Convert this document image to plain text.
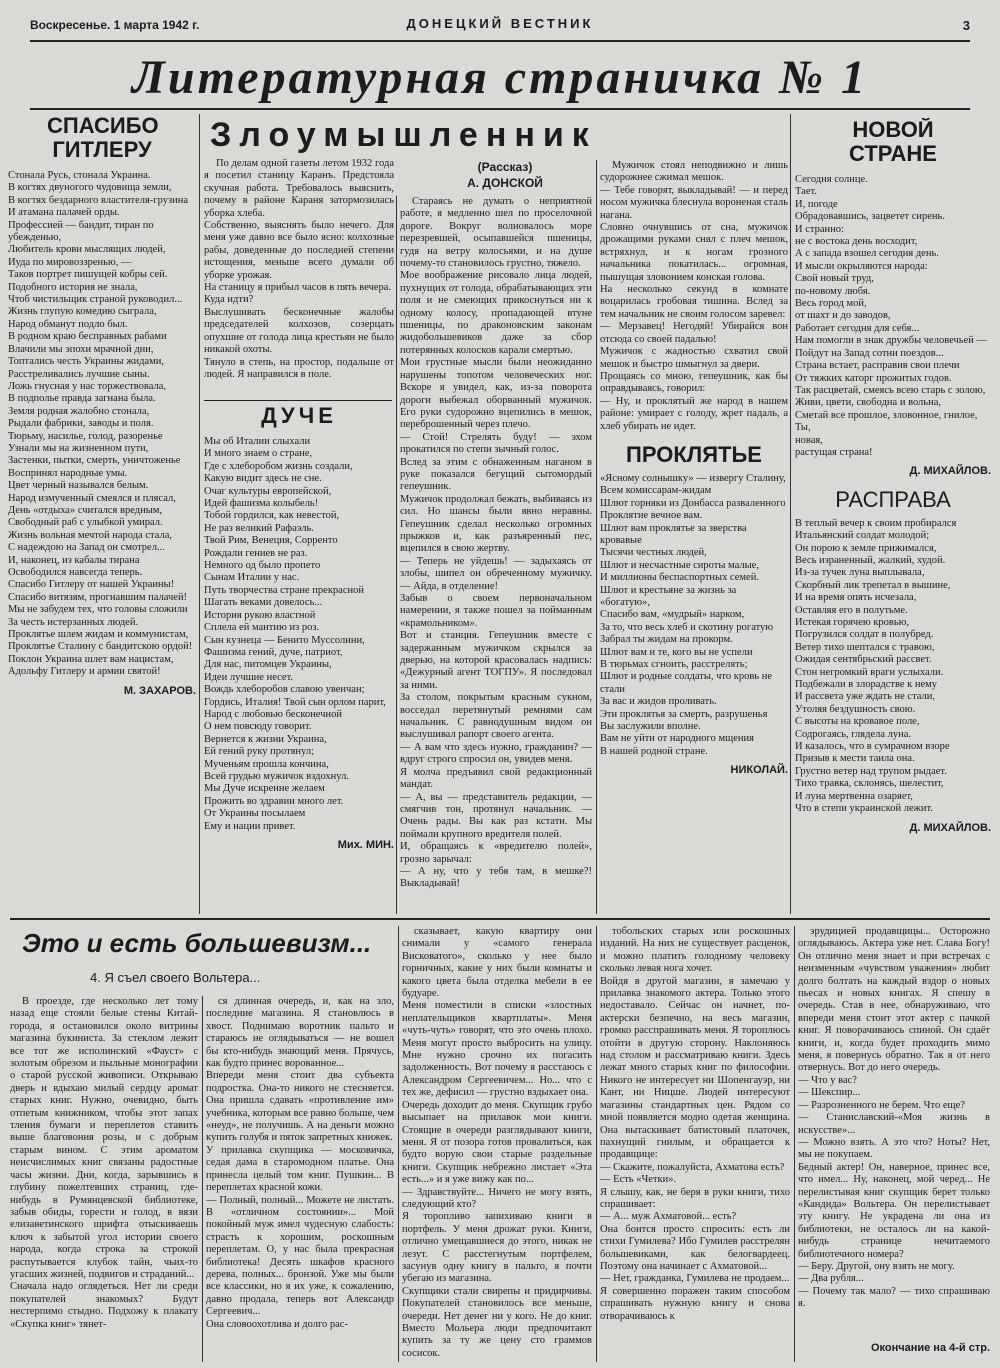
Воскресенье. 1 марта 1942 г.	ДОНЕЦКИЙ ВЕСТНИК	3
Литературная страничка № 1
СПАСИБО ГИТЛЕРУ
Стонала Русь, стонала Украина.
В когтях двуногого чудовища земли,
В когтях бездарного властителя-грузина
И атамана палачей орды.
Профессией — бандит, тиран по убежденью,
Любитель крови мыслящих людей,
Иуда по мировоззренью, —
Таков портрет пишущей кобры сей.
Подобного история не знала,
Чтоб чистильщик страной руководил...
Жизнь глупую комедию сыграла,
Народ обманут подло был.
В родном краю бесправных рабами
Влачили мы эпохи мрачной дни,
Топтались честь Украины жидами,
Расстреливались лучшие сыны.
Ложь гнусная у нас торжествовала,
В подполье правда загнана была.
Земля родная жалобно стонала,
Рыдали фабрики, заводы и поля.
Тюрьму, насилье, голод, разоренье
Узнали мы на жизненном пути,
Застенки, пытки, смерть, уничтоженье
Воспринял народные умы.
Цвет черный назывался белым.
Народ измученный смеялся и плясал,
День «отдыха» считался вредным,
Свободный раб с улыбкой умирал.
Жизнь вольная мечтой народа стала,
С надеждою на Запад он смотрел...
И, наконец, из кабалы тирана
Освободился навсегда теперь.
Спасибо Гитлеру от нашей Украины!
Спасибо витязям, прогнавшим палачей!
Мы не забудем тех, что головы сложили
За честь истерзанных людей.
Проклятье шлем жидам и коммунистам,
Проклятье Сталину с бандитскою ордой!
Поклон Украина шлет вам нацистам,
Адольфу Гитлеру и армии святой!
М. ЗАХАРОВ.
Злоумышленник
(Рассказ)
А. ДОНСКОЙ
По делам одной газеты летом 1932 года я посетил станицу Каранъ. Предстояла скучная работа. Требовалось выяснить, почему в районе Караня затормозилась уборка хлеба.
Собственно, выяснять было нечего. Для меня уже давно все было ясно: колхозные рабы, доведенные до последней степени истощения, меньше всего думали об уборке урожая.
На станицу я прибыл часов в пять вечера.
Куда идти?
Выслушивать бесконечные жалобы председателей колхозов, созерцать опухшие от голода лица крестьян не было никакой охоты.
Тянуло в степь, на простор, подальше от людей. Я направился в поле.

Стараясь не думать о неприятной работе, я медленно шел по проселочной дороге. Вокруг волновалось море перезревшей, осыпавшейся пшеницы, гудя на ветру колосьями, и на душе почему-то становилось грустно, тяжело.
Мое воображение рисовало лица людей, пухнущих от голода, обрабатывающих эти поля и не смеющих прикоснуться ни к одному колосу, пропадающей втуне пшеницы, по драконовским законам жидобольшевиков даже за сбор потерянных колосков карали смертью.
Мои грустные мысли были неожиданно нарушены топотом человеческих ног. Вскоре я увидел, как, из-за поворота дороги выбежал оборванный мужичок. Его руки судорожно вцепились в мешок, переброшенный через плечо.
— Стой! Стрелять буду! — эхом прокатился по степи зычный голос.
Вслед за этим с обнаженным наганом в руке показался бегущий сытомордый гепеушник.
Мужичок продолжал бежать, выбиваясь из сил. Но шансы были явно неравны. Гепеушник сделал несколько огромных прыжков и, как разъяренный пес, вцепился в свою жертву.
— Теперь не уйдешь! — задыхаясь от злобы, шипел он обреченному мужичку. — Айда, в отделение!
Забыв о своем первоначальном намерении, я также пошел за пойманным «крамольником».
Вот и станция. Гепеушник вместе с задержанным мужичком скрылся за дверью, на которой красовалась надпись: «Дежурный агент ТОГПУ». Я последовал за ними.
За столом, покрытым красным сукном, восседал перетянутый ремнями сам начальник. С равнодушным видом он выслушивал рапорт своего агента.
— А вам что здесь нужно, гражданин? — вдруг строго спросил он, увидев меня.
Я молча предъявил свой редакционный мандат.
— А, вы — представитель редакции, — смягчив тон, протянул начальник. — Очень рады. Вы как раз кстати. Мы поймали крупного вредителя полей.
И, обращаясь к «вредителю полей», грозно зарычал:
— А ну, что у тебя там, в мешке?! Выкладывай!
ДУЧЕ
Мы об Италии слыхали
И много знаем о стране,
Где с хлеборобом жизнь создали,
Какую видит здесь не сне.
Очаг культуры европейской,
Идей фашизма колыбель!
Тобой гордился, как невестой,
Не раз великий Рафаэль.
Твой Рим, Венеция, Сорренто
Рождали гениев не раз.
Немного од было пропето
Сынам Италии у нас.
Путь творчества стране прекрасной
Шагать веками довелось...
История рукою властной
Сплела ей мантию из роз.
Сын кузнеца — Бенито Муссолини,
Фашизма гений, дуче, патриот,
Для нас, питомцев Украины,
Идеи лучшие несет.
Вождь хлеборобов славою увенчан;
Гордись, Италия! Твой сын орлом парит,
Народ с любовью бесконечной
О нем повсюду говорит.
Вернется к жизни Украина,
Ей гений руку протянул;
Мученьям прошла кончина,
Всей грудью мужичок вздохнул.
Мы Дуче искренне желаем
Прожить во здравии много лет.
От Украины посылаем
Ему и нации привет.
Мих. МИН.
Мужичок стоял неподвижно и лишь судорожнее сжимал мешок.
— Тебе говорят, выкладывай! — и перед носом мужичка блеснула вороненая сталь нагана.
Словно очнувшись от сна, мужичок дрожащими руками снял с плеч мешок, встряхнул, и к ногам грозного начальника покатилась... огромная, пышущая зловонием конская голова.
На несколько секунд в комнате воцарилась гробовая тишина. Вслед за тем начальник не своим голосом заревел:
— Мерзавец! Негодяй! Убирайся вон отсюда со своей падалью!
Мужичок с жадностью схватил свой мешок и быстро шмыгнул за двери.
Прощаясь со мною, гепеушник, как бы оправдываясь, говорил:
— Ну, и проклятый же народ в нашем районе: умирает с голоду, жрет падаль, а хлеб убирать не идет.
ПРОКЛЯТЬЕ
«Ясному солнышку» — извергу Сталину,
Всем комиссарам-жидам
Шлют горняки из Донбасса разваленного
Проклятие вечное вам.
Шлют вам проклятье за зверства кровавые
Тысячи честных людей,
Шлют и несчастные сироты малые,
И миллионы беспаспортных семей.
Шлют и крестьяне за жизнь за «богатую»,
Спасибо вам, «мудрый» нарком,
За то, что весь хлеб и скотину рогатую
Забрал ты жидам на прокорм.
Шлют вам и те, кого вы не успели
В тюрьмах сгноить, расстрелять;
Шлют и родные солдаты, что кровь не стали
За вас и жидов проливать.
Эти проклятья за смерть, разрушенья
Вы заслужили вполне.
Вам не уйти от народного мщения
В нашей родной стране.
НИКОЛАЙ.
НОВОЙ СТРАНЕ
Сегодня солнце.
Тает.
И, погоде
Обрадовавшись, зацветет сирень.
И странно:
не с востока день восходит,
А с запада взошел сегодня день.
И мысли окрыляются народа:
Свой новый труд,
по-новому любя.
Весь город мой,
от шахт и до заводов,
Работает сегодня для себя...
Нам помогли в знак дружбы человечьей —
Пойдут на Запад сотни поездов...
Страна встает, расправив свои плечи
От тяжких каторг прожитых годов.
Так расцветай, смеясь всею старь с золою,
Живи, цвети, свободна и вольна,
Сметай все прошлое, зловонное, гнилое,
Ты,
новая,
растущая страна!
Д. МИХАЙЛОВ.
РАСПРАВА
В теплый вечер к своим пробирался
Итальянский солдат молодой;
Он порою к земле прижимался,
Весь израненный, жалкий, худой.
Из-за тучек луна выплывала,
Скорбный лик трепетал в вышине,
И на время опять исчезала,
Оставляя его в полутьме.
Истекая горячею кровью,
Погрузился солдат в полубред.
Ветер тихо шептался с травою,
Ожидая сентябрьский рассвет.
Стон негромкий враги услыхали.
Подбежали в злорадстве к нему
И рассвета уже ждать не стали,
Утоляя бездушность свою.
С высоты на кровавое поле,
Содрогаясь, глядела луна.
И казалось, что в сумрачном взоре
Призыв к мести таила она.
Грустно ветер над трупом рыдает.
Тихо травка, склонясь, шелестит,
И луна мертвенна озаряет,
Что в степи украинской лежит.
Д. МИХАЙЛОВ.
Это и есть большевизм...
4. Я съел своего Вольтера...
В проезде, где несколько лет тому назад еще стояли белые стены Китай-города, я остановился около витрины магазина букиниста. За стеклом лежит все тот же исполинский «Фауст» с золотым обрезом и пыльные монографии о старой русской живописи. Открываю дверь и вдыхаю милый сердцу аромат старых книг. Нужно, очевидно, быть отпетым книжником, чтобы этот запах тления бумаги и переплетов ставить выше благовония розы, и с добрым старым вином. С этим ароматом неисчислимых книг связаны радостные часы жизни. Дни, когда, зарывшись в глубину пожелтевших страниц, где-нибудь в Румянцевской библиотеке, забыв обиды, горести и голод, в вязи елизаветинского шрифта отыскиваешь ключ к забытой угол истории своего народа, когда строка за строкой распутывается клубок тайн, чьих-то угасших жизней, подвигов и страданий...
Сначала надо оглядеться. Нет ли среди покупателей знакомых? Будут нестерпимо стыдно. Подхожу к плакату «Скупка книг» тянет-
ся длинная очередь, и, как на зло, последние магазина. Я становлюсь в хвост. Поднимаю воротник пальто и стараюсь не оглядываться — не вошел бы кто-нибудь знающий меня. Прячусь, как будто принес ворованное...
Впереди меня стоит два субъекта подростка. Она-то никого не стесняется. Она пришла сдавать «противление им» учебника, которым все равно больше, чем «неуд», не получишь. А на деньги можно купить голубя и пяток запретных книжек.
У прилавка скупщика — московичка, седая дама в старомодном платье. Она принесла целый том книг. Пушкин... В переплетах красной кожи.
— Полный, полный... Можете не листать. В «отличном состоянии»... Мой покойный муж имел чудесную слабость: страсть к хорошим, роскошным переплетам. О, у нас была прекрасная библиотека! Десять шкафов красного дерева, полных... бронзой. Уже мы были все классики, но я их уже, к сожалению, давно продала, теперь вот Александр Сергеевич...
Она словоохотлива и долго рас-
сказывает, какую квартиру они снимали у «самого генерала Висковатого», сколько у нее было горничных, какие у них были комнаты и какого цвета была отделка мебели в ее будуаре.
Меня поместили в списки «злостных неплательщиков квартплаты». Меня «чуть-чуть» говорят, что это очень плохо. Меня могут просто выбросить на улицу. Мне нужно срочно их погасить задолженность. Вот почему я расстаюсь с Александром Сергеевичем... Но... что с тех же, дефисил — грустно вздыхает она.
Очередь доходит до меня. Скупщик грубо высыпает на прилавок мои книги. Стоящие в очереди разглядывают книги, меня. Я от позора готов провалиться, как будто ворую свои старые раздельные книги. Скупщик небрежно листает «Эта есть...» и я уже вижу как по...
— Здравствуйте... Ничего не могу взять, следующий кто?
Я торопливо запихиваю книги в портфель. У меня дрожат руки. Книги, отлично умещавшиеся до этого, никак не лезут. С расстегнутым портфелем, засунув одну книгу в пальто, я почти убегаю из магазина.
Скупщики стали свирепы и придирчивы. Покупателей становилось все меньше, очереди. Нет денег ни у кого. Не до книг. Вместо Мольера люди предпочитают купить за ту же цену сто граммов сосисок.
тобольских старых или роскошных изданий. На них не существует расценок, и можно платить голодному человеку сколько левая нога хочет.
Войдя в другой магазин, я замечаю у прилавка знакомого актера. Только этого недоставало. Сейчас он начнет, по-актерски безпечно, на весь магазин, громко расспрашивать меня. Я тороплюсь отойти в другую сторону. Наклоняюсь над столом и рассматриваю книги. Здесь лежат много старых книг по философии. Никого не интересует ни Шопенгауэр, ни Кант, ни Ницше. Людей интересуют магазины стандартных цен. Рядом со мной появляется модно одетая женщина. Она вытаскивает батистовый платочек, пахнущий гнилым, и обращается к продавщице:
— Скажите, пожалуйста, Ахматова есть?
— Есть «Четки».
Я слышу, как, не беря в руки книги, тихо спрашивает:
— А... муж Ахматовой... есть?
Она боится просто спросить: есть ли стихи Гумилева? Ибо Гумилев расстрелян большевиками, как белогвардеец. Поэтому она начинает с Ахматовой...
— Нет, гражданка, Гумилева не продаем...
Я совершенно поражен таким способом спрашивать нужную книгу и снова отворачиваюсь к
эрудицией продавщицы... Осторожно оглядываюсь. Актера уже нет. Слава Богу! Он отлично меня знает и при встречах с неизменным «чувством уважения» любит долго болтать на каждый вздор о новых пьесах и новых книгах. Я спешу в очередь. Став в нее, обнаруживаю, что впереди меня стоит этот актер с пачкой книг. Я поворачиваюсь спиной. Он сдаёт книги, и, когда будет проходить мимо меня, я повернусь обратно. Так я от него отвернусь. Вот до него очередь.
— Что у вас?
— Шекспир...
— Разрозненного не берем. Что еще?
— Станиславский-«Моя жизнь в искусстве»...
— Можно взять. А это что? Ноты? Нет, мы не покупаем.
Бедный актер! Он, наверное, принес все, что имел... Ну, наконец, мой черед... Не перелистывая книг скупщик берет только «Кандида» Вольтера. Он перелистывает эту книгу. Не украдена ли она из библиотеки, не осталось ли на какой-нибудь странице нечитаемого библиотечного номера?
— Беру. Другой, ону взять не могу.
— Два рубля...
— Почему так мало? — тихо спрашиваю я.
Окончание на 4-й стр.
